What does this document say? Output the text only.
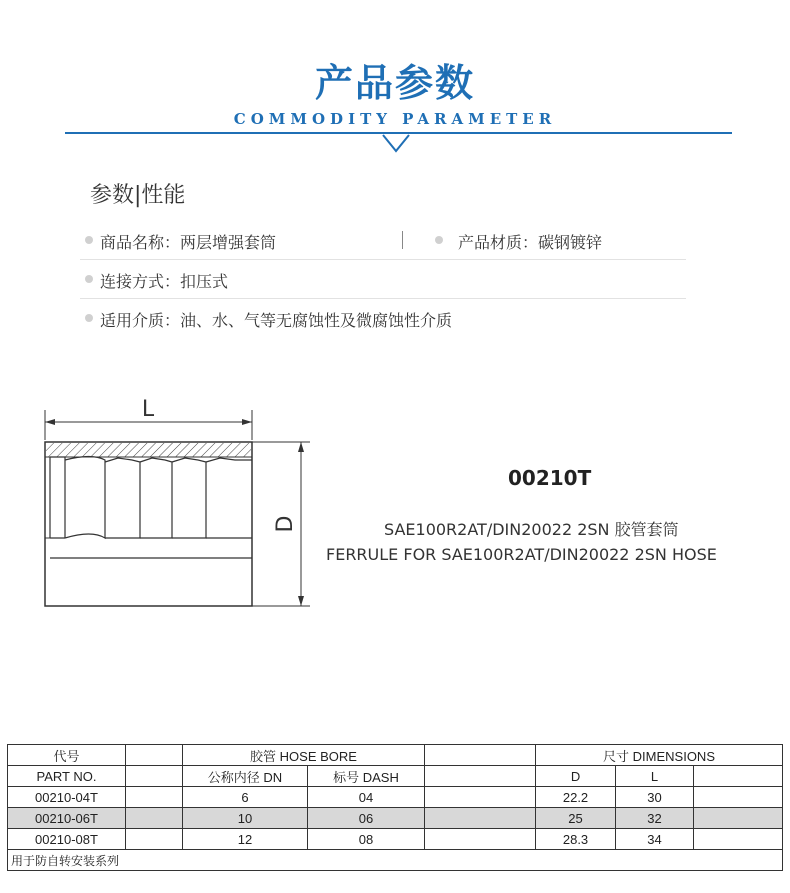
产品参数
COMMODITY PARAMETER
参数|性能
商品名称：两层增强套筒	产品材质：碳钢镀锌
连接方式：扣压式
适用介质：油、水、气等无腐蚀性及微腐蚀性介质
L
D
00210T
SAE100R2AT/DIN20022 2SN 胶管套筒
FERRULE FOR SAE100R2AT/DIN20022 2SN HOSE
代号		胶管 HOSE BORE			尺寸 DIMENSIONS		
PART NO.		公称内径 DN	标号 DASH		D	L	
00210-04T		6	04		22.2	30	
00210-06T		10	06		25	32	
00210-08T		12	08		28.3	34	
用于防自转安装系列							
